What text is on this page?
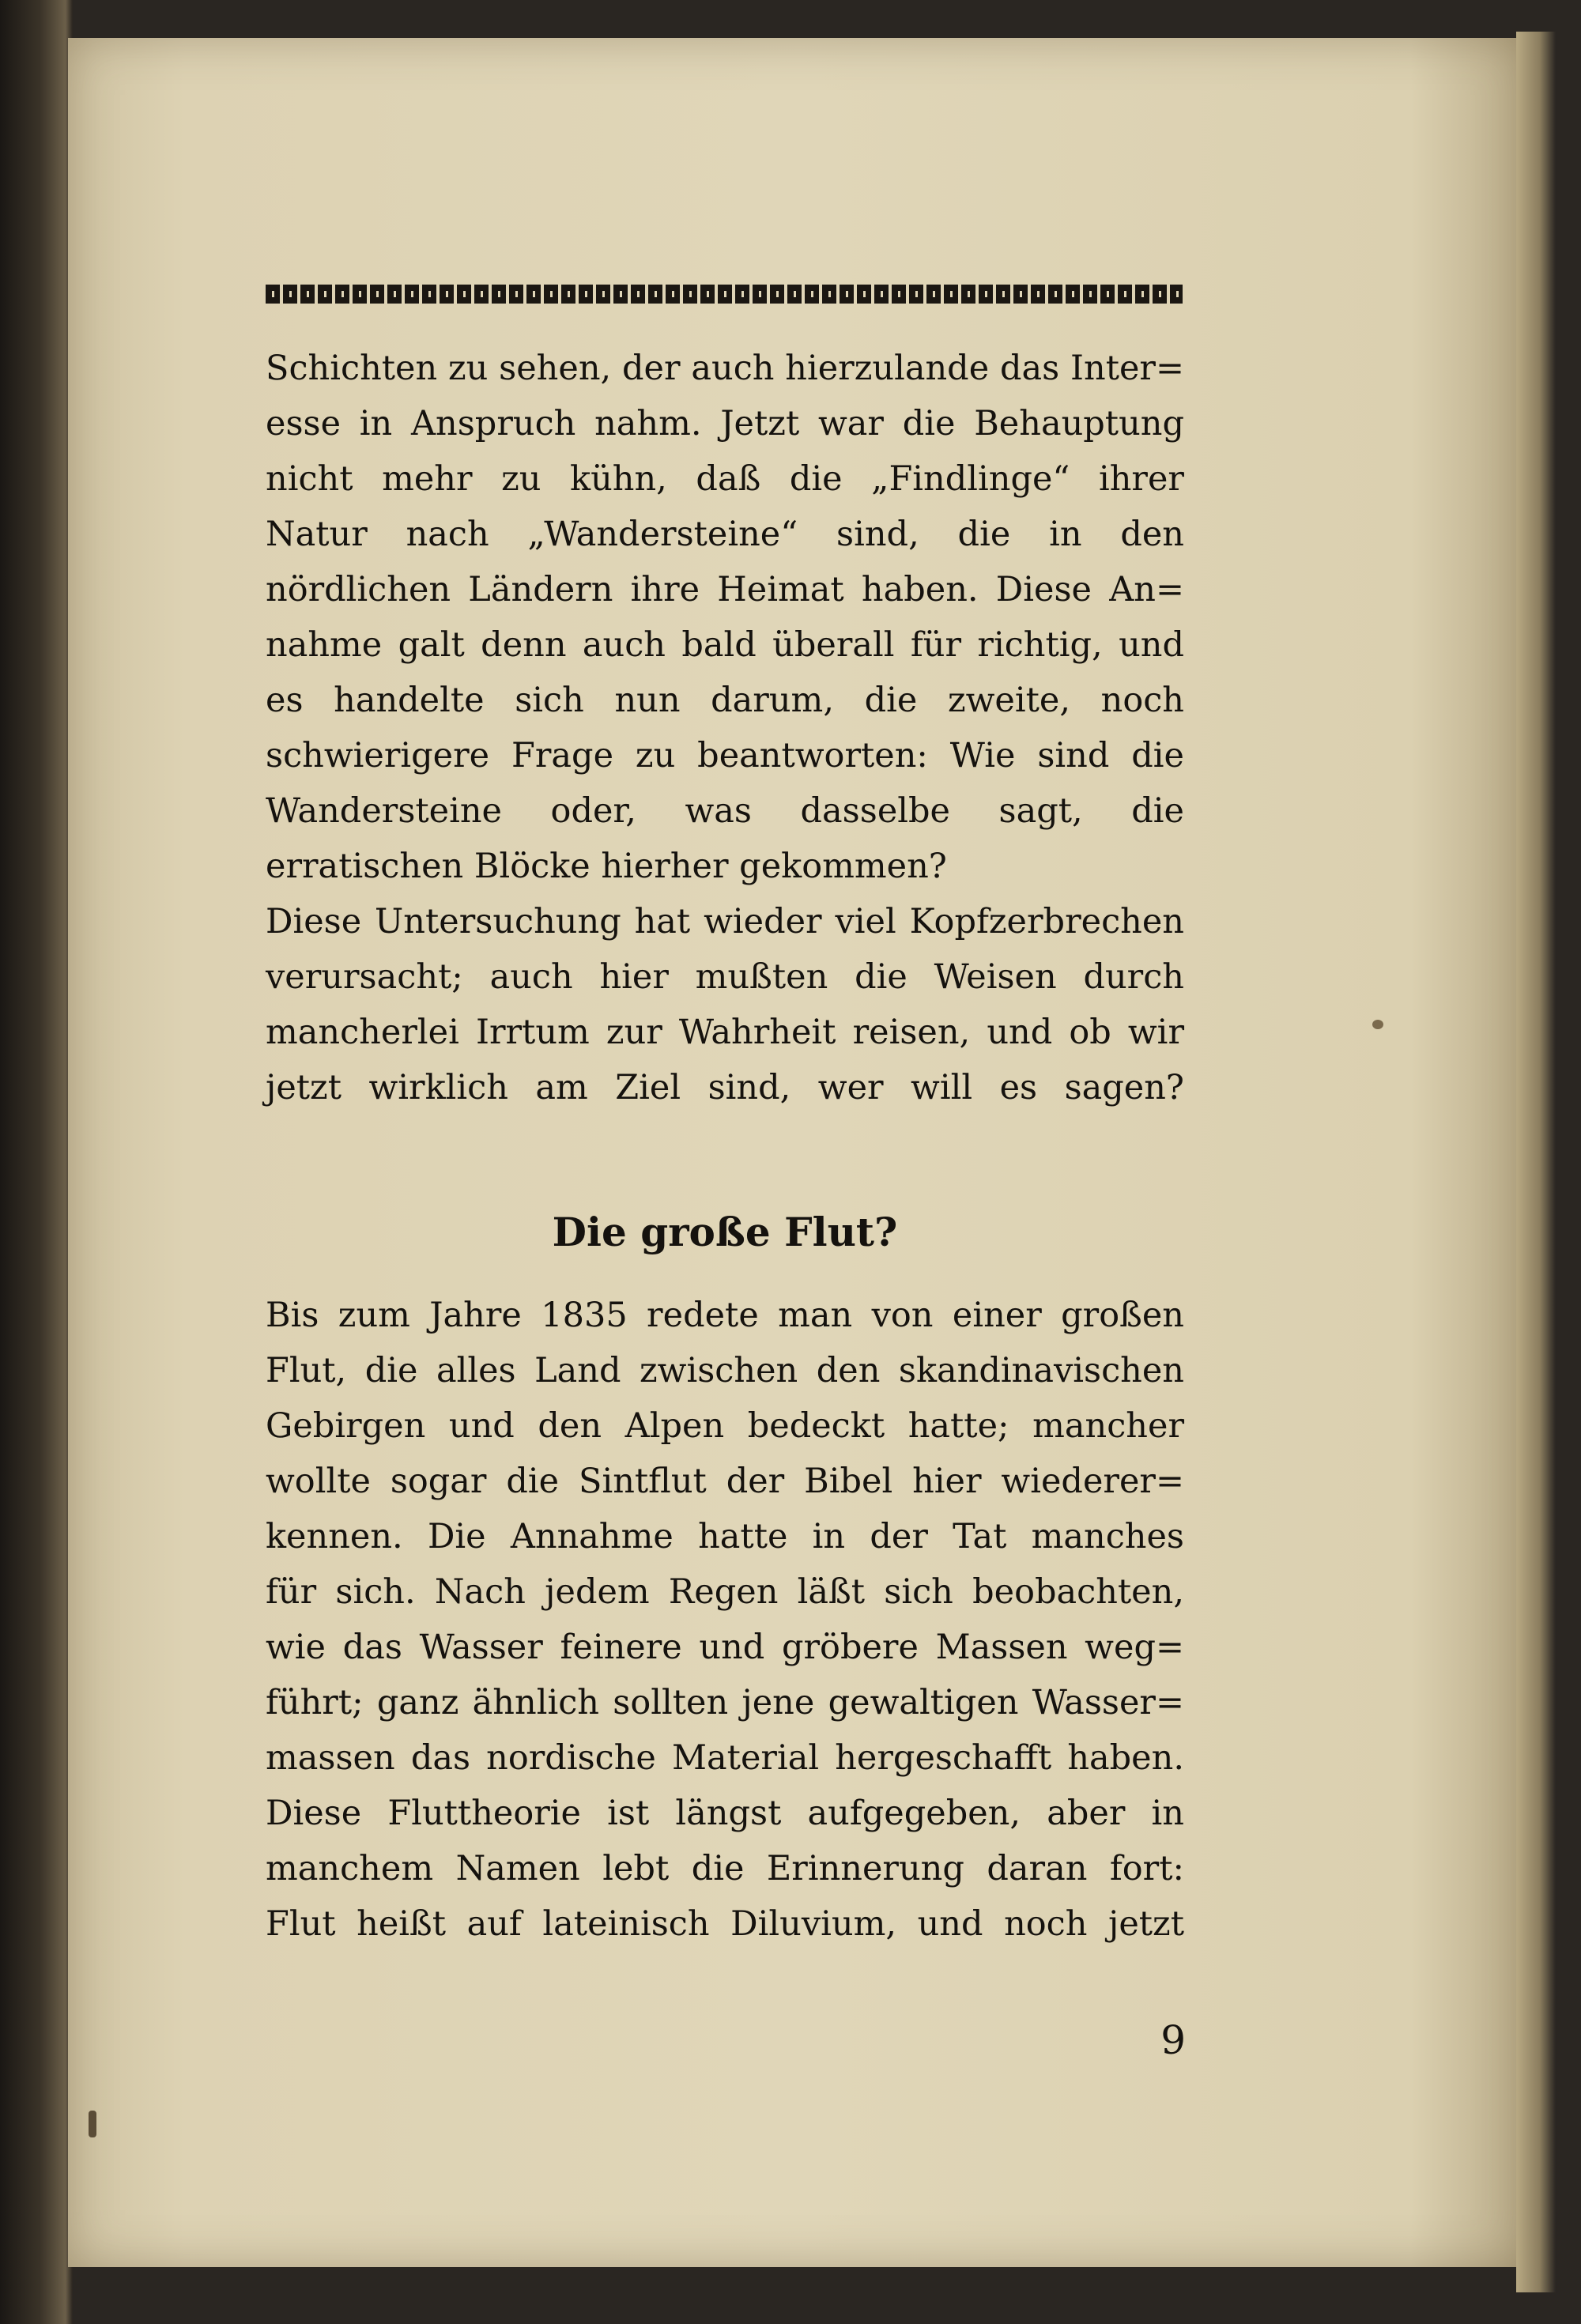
Schichten zu sehen, der auch hierzulande das Inter=
esse in Anspruch nahm. Jetzt war die Behauptung
nicht mehr zu kühn, daß die „Findlinge“ ihrer
Natur nach „Wandersteine“ sind, die in den
nördlichen Ländern ihre Heimat haben. Diese An=
nahme galt denn auch bald überall für richtig, und
es handelte sich nun darum, die zweite, noch
schwierigere Frage zu beantworten: Wie sind die
Wandersteine oder, was dasselbe sagt, die
erratischen Blöcke hierher gekommen?
Diese Untersuchung hat wieder viel Kopfzerbrechen
verursacht; auch hier mußten die Weisen durch
mancherlei Irrtum zur Wahrheit reisen, und ob wir
jetzt wirklich am Ziel sind, wer will es sagen?
Die große Flut?
Bis zum Jahre 1835 redete man von einer großen
Flut, die alles Land zwischen den skandinavischen
Gebirgen und den Alpen bedeckt hatte; mancher
wollte sogar die Sintflut der Bibel hier wiederer=
kennen. Die Annahme hatte in der Tat manches
für sich. Nach jedem Regen läßt sich beobachten,
wie das Wasser feinere und gröbere Massen weg=
führt; ganz ähnlich sollten jene gewaltigen Wasser=
massen das nordische Material hergeschafft haben.
Diese Fluttheorie ist längst aufgegeben, aber in
manchem Namen lebt die Erinnerung daran fort:
Flut heißt auf lateinisch Diluvium, und noch jetzt
9
